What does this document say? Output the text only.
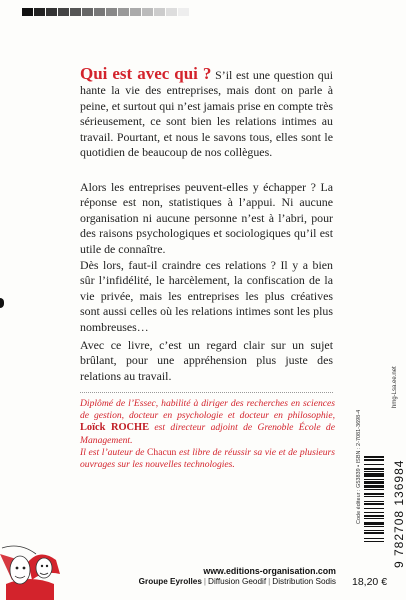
Qui est avec qui ? S’il est une question qui hante la vie des entreprises, mais dont on parle à peine, et surtout qui n’est jamais prise en compte très sérieusement, ce sont bien les relations intimes au travail. Pourtant, et nous le savons tous, elles sont le quotidien de beaucoup de nos collègues.

Alors les entreprises peuvent-elles y échapper ? La réponse est non, statistiques à l’appui. Ni aucune organisation ni aucune personne n’est à l’abri, pour des raisons psychologiques et sociologiques qu’il est utile de connaître.

Dès lors, faut-il craindre ces relations ? Il y a bien sûr l’infidélité, le harcèlement, la confiscation de la vie privée, mais les entreprises les plus créatives sont aussi celles où les relations intimes sont les plus nombreuses…

Avec ce livre, c’est un regard clair sur un sujet brûlant, pour une appréhension plus juste des relations au travail.

Diplômé de l’Essec, habilité à diriger des recherches en sciences de gestion, docteur en psychologie et docteur en philosophie, Loïck ROCHE est directeur adjoint de Grenoble École de Management.

Il est l’auteur de Chacun est libre de réussir sa vie et de plusieurs ouvrages sur les nouvelles technologies.

www.editions-organisation.com
Groupe Eyrolles | Diffusion Geodif | Distribution Sodis 18,20 €
Code éditeur : G53839 • ISBN : 2-7081-3698-4
hmg-Lsa.ee.net
9 782708 136984
